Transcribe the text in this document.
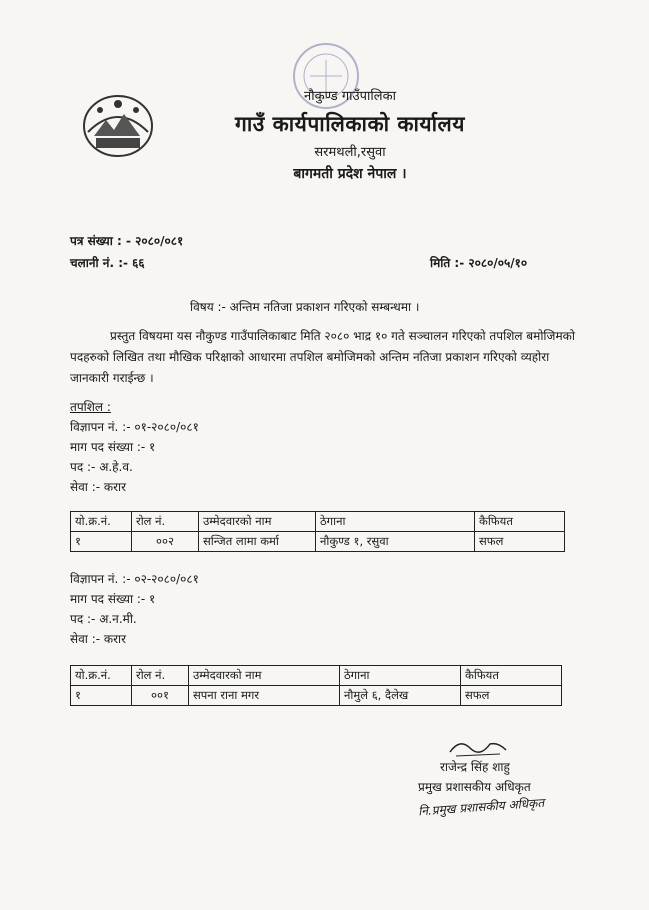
नौकुण्ड गाउँपालिका
गाउँ कार्यपालिकाको कार्यालय
सरमथली,रसुवा
बागमती प्रदेश नेपाल ।
पत्र संख्या : - २०८०/०८१
चलानी नं. :- ६६	मिति :- २०८०/०५/१०
विषय :- अन्तिम नतिजा प्रकाशन गरिएको सम्बन्धमा ।
प्रस्तुत विषयमा यस नौकुण्ड गाउँपालिकाबाट मिति २०८० भाद्र १० गते सञ्चालन गरिएको तपशिल बमोजिमको पदहरुको लिखित तथा मौखिक परिक्षाको आधारमा तपशिल बमोजिमको अन्तिम नतिजा प्रकाशन गरिएको व्यहोरा जानकारी गराईन्छ ।
तपशिल :
विज्ञापन नं. :- ०१-२०८०/०८१
माग पद संख्या :- १
पद :- अ.हे.व.
सेवा :- करार
यो.क्र.नं.	रोल नं.	उम्मेदवारको नाम	ठेगाना	कैफियत
१	००२	सन्जित लामा कर्मा	नौकुण्ड १, रसुवा	सफल
विज्ञापन नं. :- ०२-२०८०/०८१
माग पद संख्या :- १
पद :- अ.न.मी.
सेवा :- करार
यो.क्र.नं.	रोल नं.	उम्मेदवारको नाम	ठेगाना	कैफियत
१	००१	सपना राना मगर	नौमुले ६, दैलेख	सफल
राजेन्द्र सिंह शाहु
प्रमुख प्रशासकीय अधिकृत
नि.प्रमुख प्रशासकीय अधिकृत
